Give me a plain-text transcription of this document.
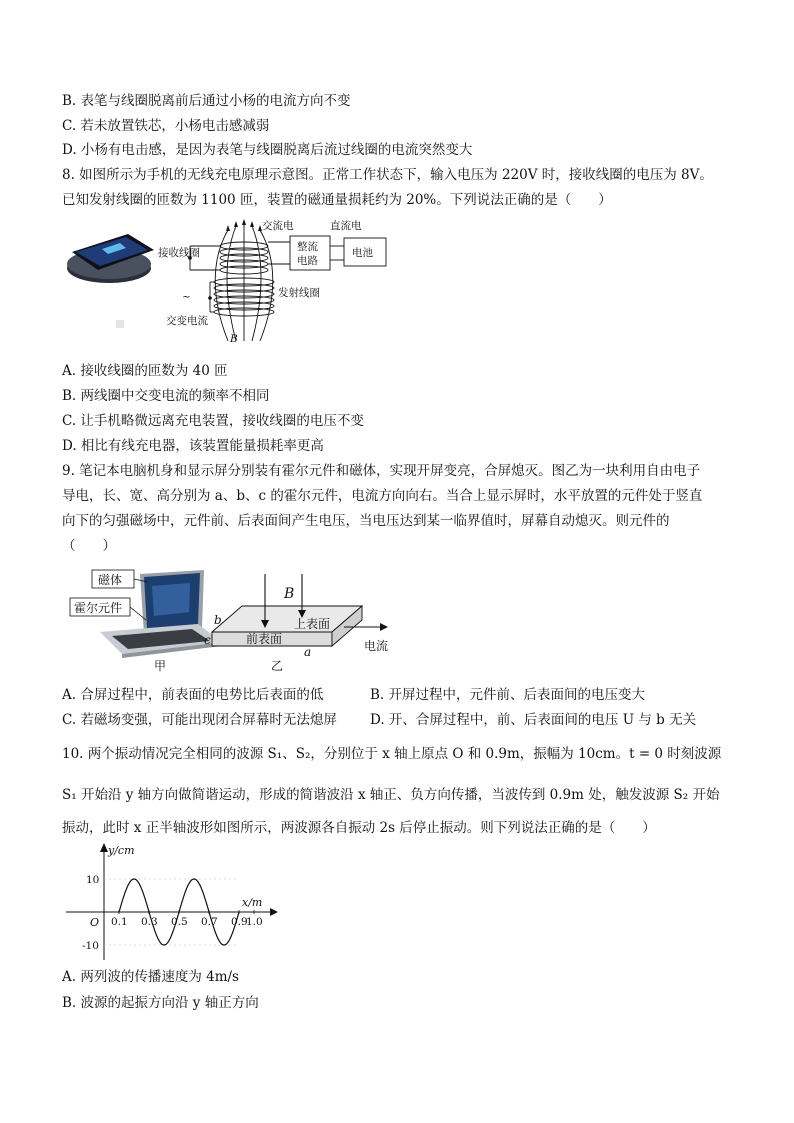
B. 表笔与线圈脱离前后通过小杨的电流方向不变
C. 若未放置铁芯，小杨电击感减弱
D. 小杨有电击感，是因为表笔与线圈脱离后流过线圈的电流突然变大
8. 如图所示为手机的无线充电原理示意图。正常工作状态下，输入电压为 220V 时，接收线圈的电压为 8V。
已知发射线圈的匝数为 1100 匝，装置的磁通量损耗约为 20%。下列说法正确的是（　　）
交流电	直流电
整流
电路
电池
接收线圈
~	发射线圈
交变电流
B
A. 接收线圈的匝数为 40 匝
B. 两线圈中交变电流的频率不相同
C. 让手机略微远离充电装置，接收线圈的电压不变
D. 相比有线充电器，该装置能量损耗率更高
9. 笔记本电脑机身和显示屏分别装有霍尔元件和磁体，实现开屏变亮，合屏熄灭。图乙为一块利用自由电子
导电，长、宽、高分别为 a、b、c 的霍尔元件，电流方向向右。当合上显示屏时，水平放置的元件处于竖直
向下的匀强磁场中，元件前、后表面间产生电压，当电压达到某一临界值时，屏幕自动熄灭。则元件的
（　　）
磁体
霍尔元件
甲	乙
B
上表面
前表面	电流
a
b
c
A. 合屏过程中，前表面的电势比后表面的低	B. 开屏过程中，元件前、后表面间的电压变大
C. 若磁场变强，可能出现闭合屏幕时无法熄屏 D. 开、合屏过程中，前、后表面间的电压 U 与 b 无关
10. 两个振动情况完全相同的波源 S₁、S₂，分别位于 x 轴上原点 O 和 0.9m，振幅为 10cm。t = 0 时刻波源
S₁ 开始沿 y 轴方向做简谐运动，形成的简谐波沿 x 轴正、负方向传播，当波传到 0.9m 处，触发波源 S₂ 开始
振动，此时 x 正半轴波形如图所示，两波源各自振动 2s 后停止振动。则下列说法正确的是（　　）
y/cm
x/m
O 0.1 0.3 0.5 0.7 0.9
1.0
10
-10
A. 两列波的传播速度为 4m/s
B. 波源的起振方向沿 y 轴正方向
